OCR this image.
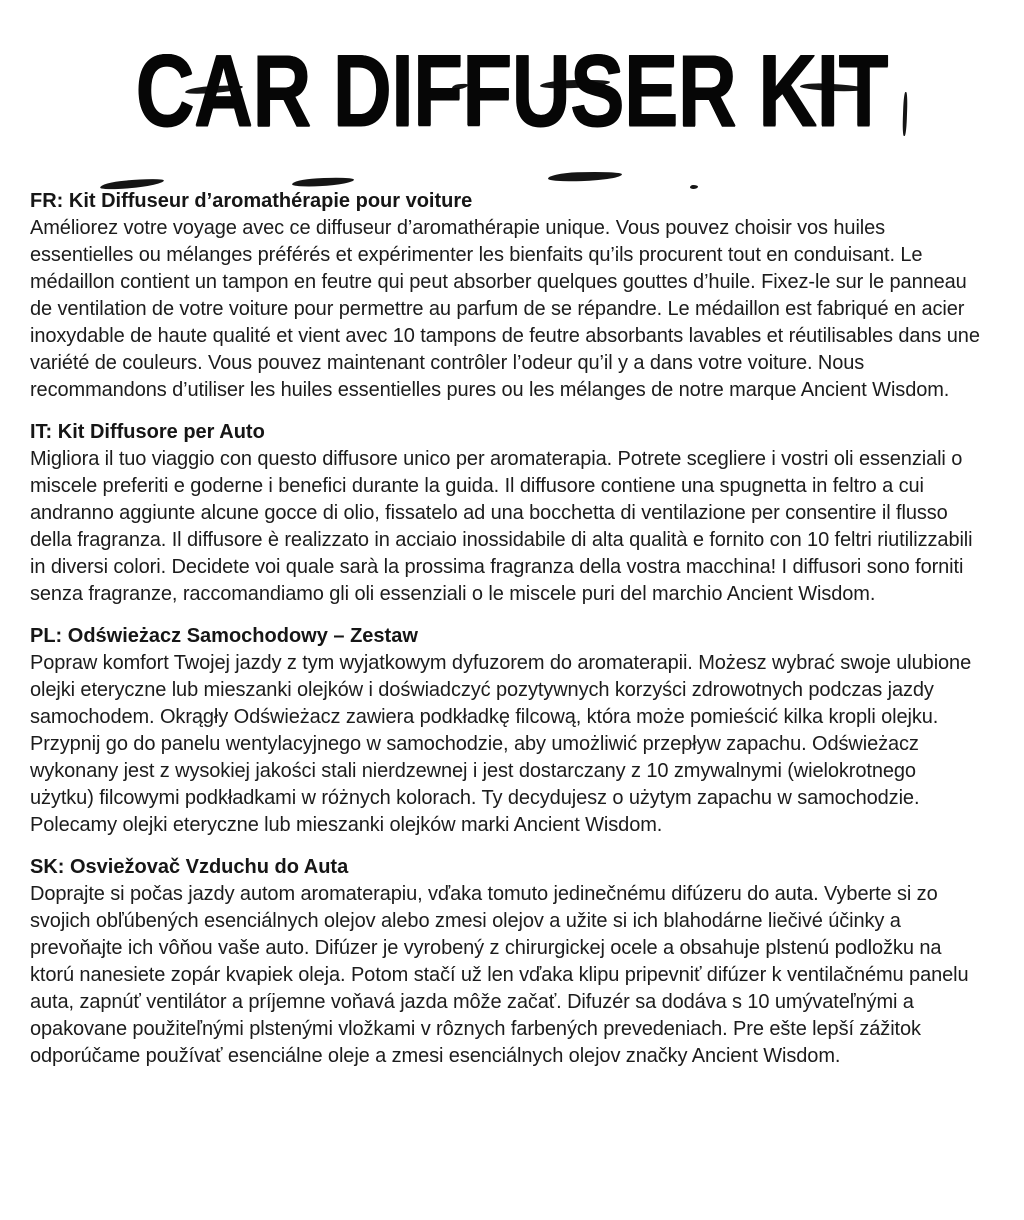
CAR DIFFUSER KIT

FR: Kit Diffuseur d’aromathérapie pour voiture

Améliorez votre voyage avec ce diffuseur d’aromathérapie unique. Vous pouvez choisir vos huiles essentielles ou mélanges préférés et expérimenter les bienfaits qu’ils procurent tout en conduisant. Le médaillon contient un tampon en feutre qui peut absorber quelques gouttes d’huile. Fixez-le sur le panneau de ventilation de votre voiture pour permettre au parfum de se répandre. Le médaillon est fabriqué en acier inoxydable de haute qualité et vient avec 10 tampons de feutre absorbants lavables et réutilisables dans une variété de couleurs. Vous pouvez maintenant contrôler l’odeur qu’il y a dans votre voiture. Nous recommandons d’utiliser les huiles essentielles pures ou les mélanges de notre marque Ancient Wisdom.

IT: Kit Diffusore per Auto

Migliora il tuo viaggio con questo diffusore unico per aromaterapia. Potrete scegliere i vostri oli essenziali o miscele preferiti e goderne i benefici durante la guida. Il diffusore contiene una spugnetta in feltro a cui andranno aggiunte alcune gocce di olio, fissatelo ad una bocchetta di ventilazione per consentire il flusso della fragranza. Il diffusore è realizzato in acciaio inossidabile di alta qualità e fornito con 10 feltri riutilizzabili in diversi colori. Decidete voi quale sarà la prossima fragranza della vostra macchina! I diffusori sono forniti senza fragranze, raccomandiamo gli oli essenziali o le miscele puri del marchio Ancient Wisdom.

PL: Odświeżacz Samochodowy – Zestaw

Popraw komfort Twojej jazdy z tym wyjatkowym dyfuzorem do aromaterapii. Możesz wybrać swoje ulubione olejki eteryczne lub mieszanki olejków i doświadczyć pozytywnych korzyści zdrowotnych podczas jazdy samochodem. Okrągły Odświeżacz zawiera podkładkę filcową, która może pomieścić kilka kropli olejku. Przypnij go do panelu wentylacyjnego w samochodzie, aby umożliwić przepływ zapachu. Odświeżacz wykonany jest z wysokiej jakości stali nierdzewnej i jest dostarczany z 10 zmywalnymi (wielokrotnego użytku) filcowymi podkładkami w różnych kolorach. Ty decydujesz o użytym zapachu w samochodzie. Polecamy olejki eteryczne lub mieszanki olejków marki Ancient Wisdom.

SK: Osviežovač Vzduchu do Auta

Doprajte si počas jazdy autom aromaterapiu, vďaka tomuto jedinečnému difúzeru do auta. Vyberte si zo svojich obľúbených esenciálnych olejov alebo zmesi olejov a užite si ich blahodárne liečivé účinky a prevoňajte ich vôňou vaše auto. Difúzer je vyrobený z chirurgickej ocele a obsahuje plstenú podložku na ktorú nanesiete zopár kvapiek oleja. Potom stačí už len vďaka klipu pripevniť difúzer k ventilačnému panelu auta, zapnúť ventilátor a príjemne voňavá jazda môže začať. Difuzér sa dodáva s 10 umývateľnými a opakovane použiteľnými plstenými vložkami v rôznych farbených prevedeniach. Pre ešte lepší zážitok odporúčame používať esenciálne oleje a zmesi esenciálnych olejov značky Ancient Wisdom.
